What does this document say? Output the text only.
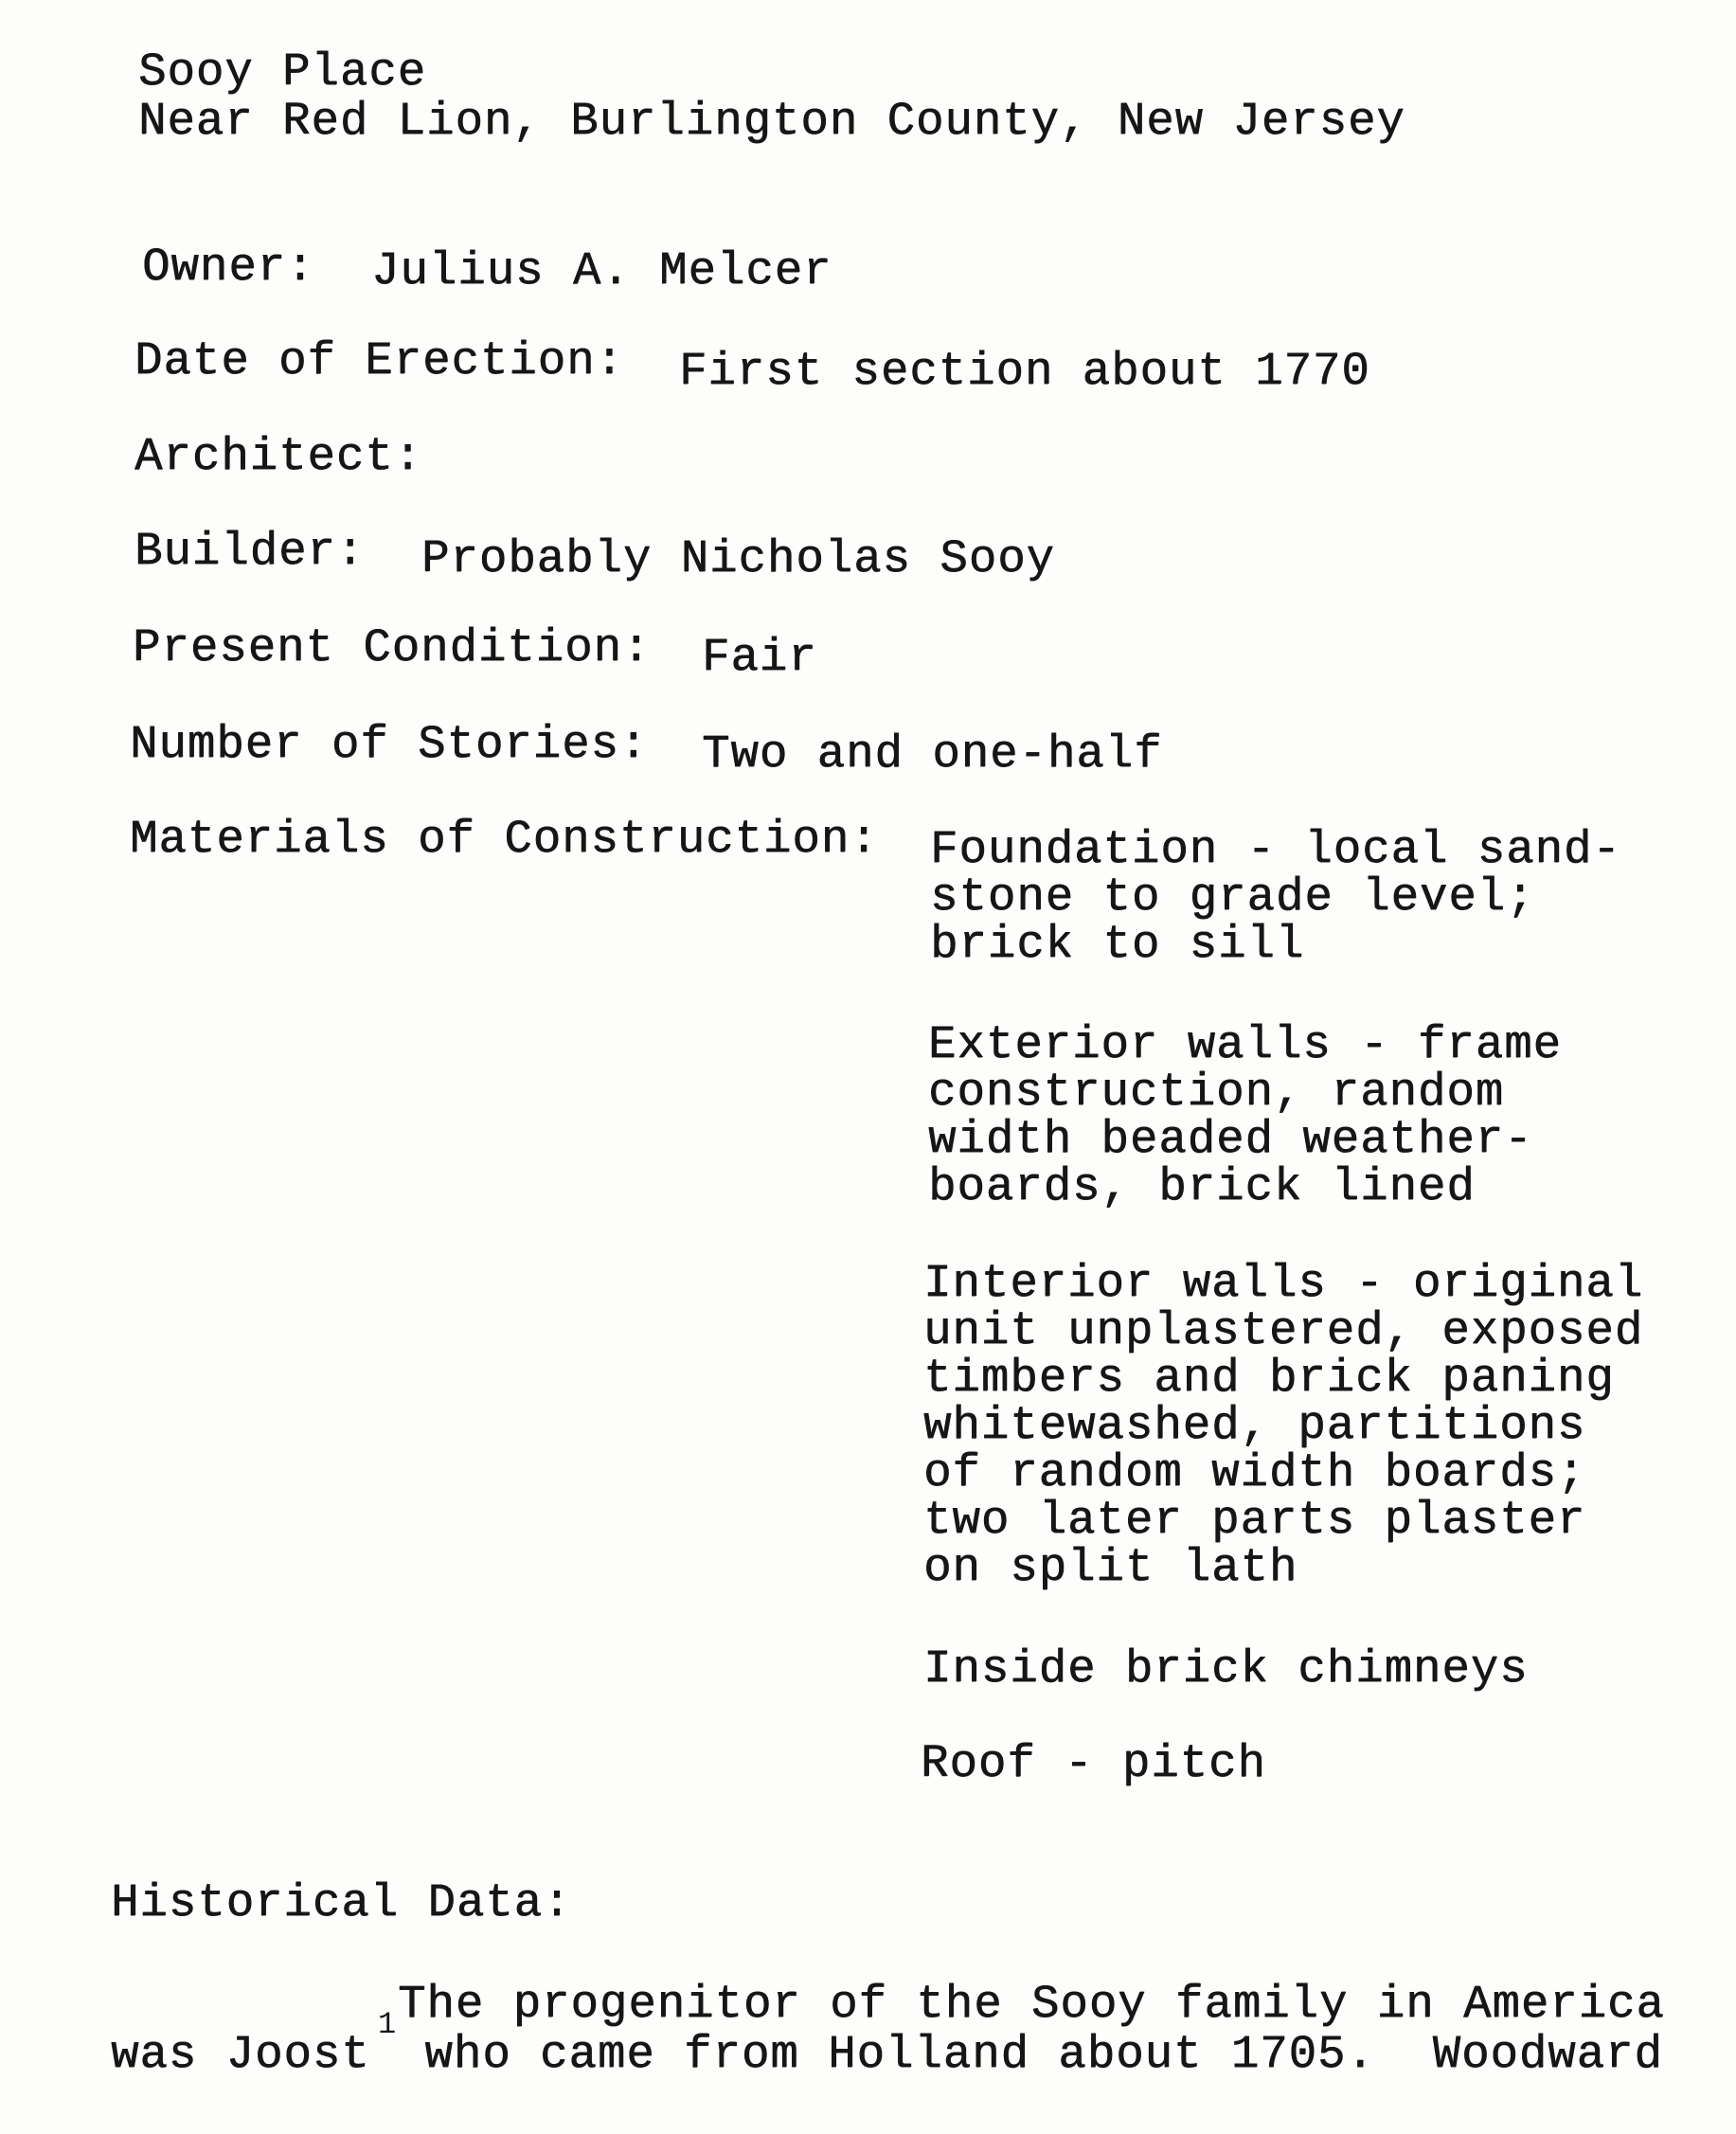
Sooy Place
Near Red Lion, Burlington County, New Jersey
Owner: Julius A. Melcer
Date of Erection: First section about 1770
Architect:
Builder: Probably Nicholas Sooy
Present Condition: Fair
Number of Stories: Two and one-half
Materials of Construction: Foundation - local sand-
stone to grade level;
brick to sill
Exterior walls - frame
construction, random
width beaded weather-
boards, brick lined
Interior walls - original
unit unplastered, exposed
timbers and brick paning
whitewashed, partitions
of random width boards;
two later parts plaster
on split lath
Inside brick chimneys
Roof - pitch
Historical Data:
The progenitor of the Sooy family in America
was Joost
1
who came from Holland about 1705.  Woodward
